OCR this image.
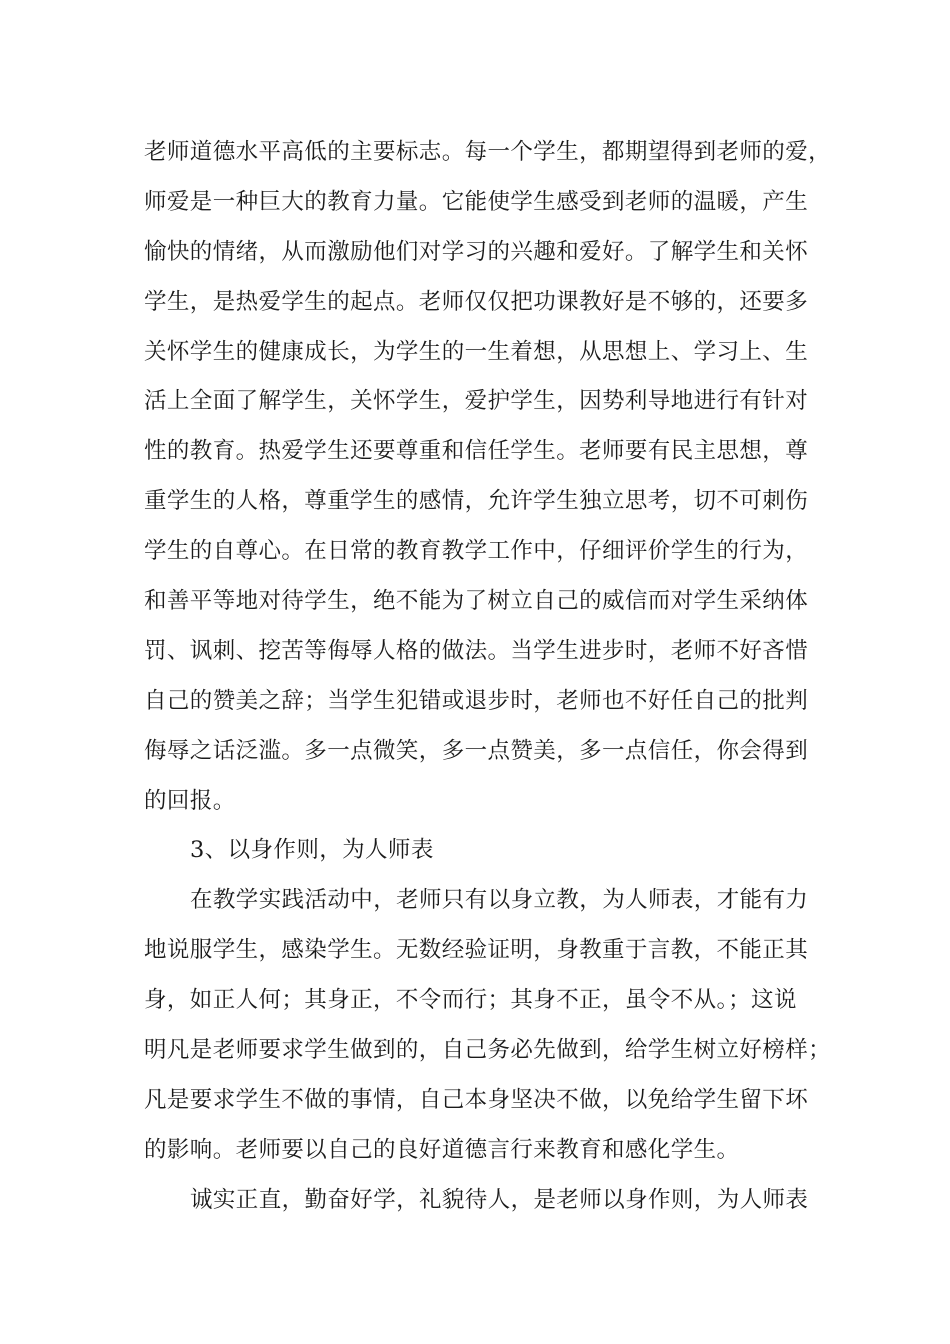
老师道德水平高低的主要标志。每一个学生，都期望得到老师的爱，
师爱是一种巨大的教育力量。它能使学生感受到老师的温暖，产生
愉快的情绪，从而激励他们对学习的兴趣和爱好。了解学生和关怀
学生，是热爱学生的起点。老师仅仅把功课教好是不够的，还要多
关怀学生的健康成长，为学生的一生着想，从思想上、学习上、生
活上全面了解学生，关怀学生，爱护学生，因势利导地进行有针对
性的教育。热爱学生还要尊重和信任学生。老师要有民主思想，尊
重学生的人格，尊重学生的感情，允许学生独立思考，切不可刺伤
学生的自尊心。在日常的教育教学工作中，仔细评价学生的行为，
和善平等地对待学生，绝不能为了树立自己的威信而对学生采纳体
罚、讽刺、挖苦等侮辱人格的做法。当学生进步时，老师不好吝惜
自己的赞美之辞；当学生犯错或退步时，老师也不好任自己的批判
侮辱之话泛滥。多一点微笑，多一点赞美，多一点信任，你会得到
的回报。
3、以身作则，为人师表
在教学实践活动中，老师只有以身立教，为人师表，才能有力
地说服学生，感染学生。无数经验证明，身教重于言教，不能正其
身，如正人何；其身正，不令而行；其身不正，虽令不从。；这说
明凡是老师要求学生做到的，自己务必先做到，给学生树立好榜样；
凡是要求学生不做的事情，自己本身坚决不做，以免给学生留下坏
的影响。老师要以自己的良好道德言行来教育和感化学生。
诚实正直，勤奋好学，礼貌待人，是老师以身作则，为人师表
